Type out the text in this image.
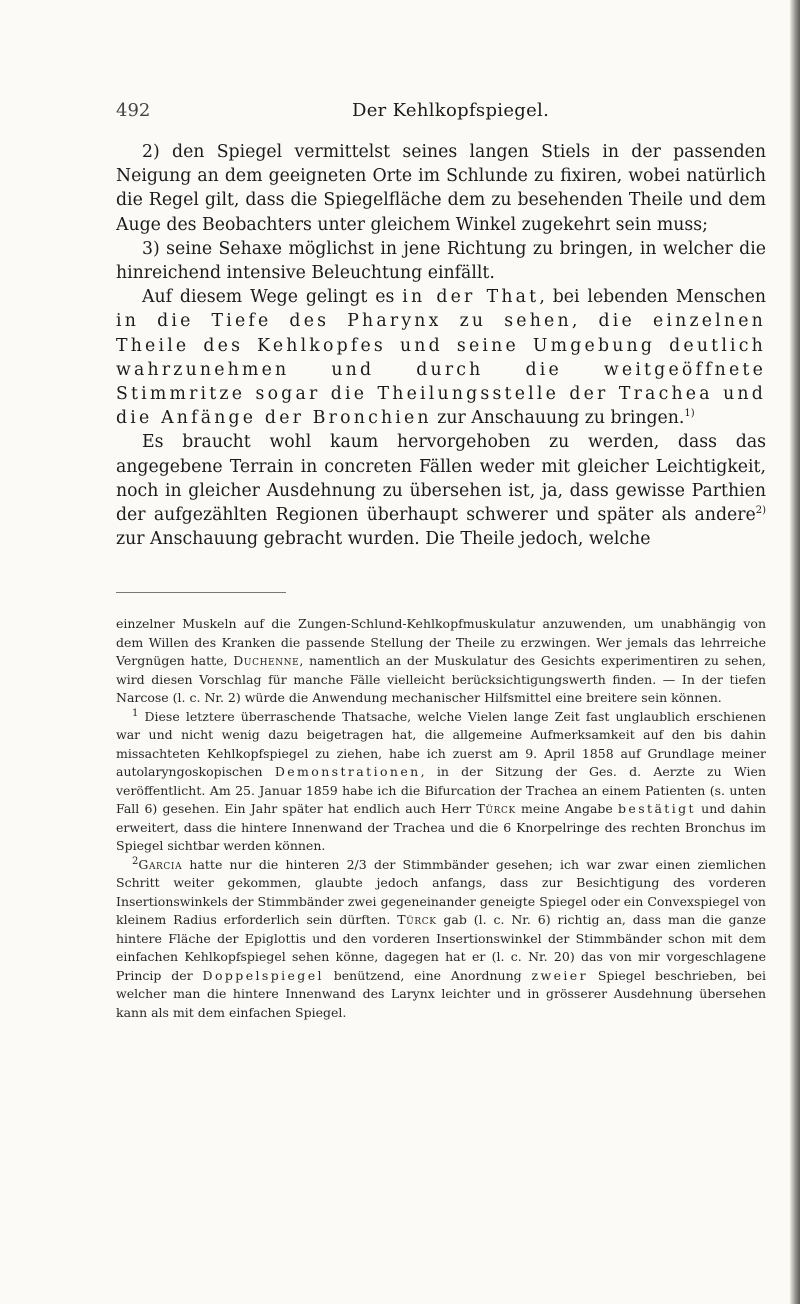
492	Der Kehlkopfspiegel.

2) den Spiegel vermittelst seines langen Stiels in der passenden Neigung an dem geeigneten Orte im Schlunde zu fixiren, wobei natürlich die Regel gilt, dass die Spiegelfläche dem zu besehenden Theile und dem Auge des Beobachters unter gleichem Winkel zugekehrt sein muss;

3) seine Sehaxe möglichst in jene Richtung zu bringen, in welcher die hinreichend intensive Beleuchtung einfällt.

Auf diesem Wege gelingt es in der That, bei lebenden Menschen in die Tiefe des Pharynx zu sehen, die einzelnen Theile des Kehlkopfes und seine Umgebung deutlich wahrzunehmen und durch die weitgeöffnete Stimmritze sogar die Theilungsstelle der Trachea und die Anfänge der Bronchien zur Anschauung zu bringen.$^{1)}$

Es braucht wohl kaum hervorgehoben zu werden, dass das angegebene Terrain in concreten Fällen weder mit gleicher Leichtigkeit, noch in gleicher Ausdehnung zu übersehen ist, ja, dass gewisse Parthien der aufgezählten Regionen überhaupt schwerer und später als andere$^{2)}$ zur Anschauung gebracht wurden. Die Theile jedoch, welche

einzelner Muskeln auf die Zungen-Schlund-Kehlkopfmuskulatur anzuwenden, um unabhängig von dem Willen des Kranken die passende Stellung der Theile zu erzwingen. Wer jemals das lehrreiche Vergnügen hatte, Duchenne, namentlich an der Muskulatur des Gesichts experimentiren zu sehen, wird diesen Vorschlag für manche Fälle vielleicht berücksichtigungswerth finden. — In der tiefen Narcose (l. c. Nr. 2) würde die Anwendung mechanischer Hilfsmittel eine breitere sein können.

$^1$ Diese letztere überraschende Thatsache, welche Vielen lange Zeit fast unglaublich erschienen war und nicht wenig dazu beigetragen hat, die allgemeine Aufmerksamkeit auf den bis dahin missachteten Kehlkopfspiegel zu ziehen, habe ich zuerst am 9. April 1858 auf Grundlage meiner autolaryngoskopischen Demonstrationen, in der Sitzung der Ges. d. Aerzte zu Wien veröffentlicht. Am 25. Januar 1859 habe ich die Bifurcation der Trachea an einem Patienten (s. unten Fall 6) gesehen. Ein Jahr später hat endlich auch Herr Türck meine Angabe bestätigt und dahin erweitert, dass die hintere Innenwand der Trachea und die 6 Knorpelringe des rechten Bronchus im Spiegel sichtbar werden können.

$^2$Garcia hatte nur die hinteren 2/3 der Stimmbänder gesehen; ich war zwar einen ziemlichen Schritt weiter gekommen, glaubte jedoch anfangs, dass zur Besichtigung des vorderen Insertionswinkels der Stimmbänder zwei gegeneinander geneigte Spiegel oder ein Convexspiegel von kleinem Radius erforderlich sein dürften. Türck gab (l. c. Nr. 6) richtig an, dass man die ganze hintere Fläche der Epiglottis und den vorderen Insertionswinkel der Stimmbänder schon mit dem einfachen Kehlkopfspiegel sehen könne, dagegen hat er (l. c. Nr. 20) das von mir vorgeschlagene Princip der Doppelspiegel benützend, eine Anordnung zweier Spiegel beschrieben, bei welcher man die hintere Innenwand des Larynx leichter und in grösserer Ausdehnung übersehen kann als mit dem einfachen Spiegel.
